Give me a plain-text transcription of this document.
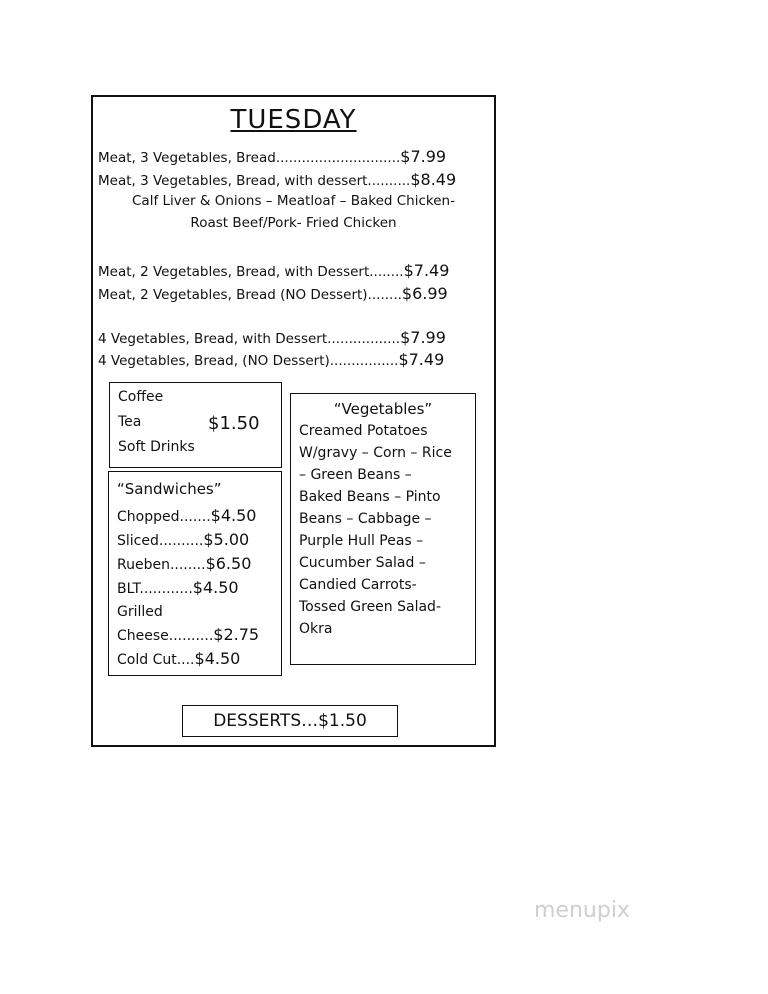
TUESDAY
Meat, 3 Vegetables, Bread.............................$7.99
Meat, 3 Vegetables, Bread, with dessert..........$8.49
Calf Liver & Onions – Meatloaf – Baked Chicken-
Roast Beef/Pork- Fried Chicken
Meat, 2 Vegetables, Bread, with Dessert........$7.49
Meat, 2 Vegetables, Bread (NO Dessert)........$6.99
4 Vegetables, Bread, with Dessert.................$7.99
4 Vegetables, Bread, (NO Dessert)................$7.49
Coffee
Tea
Soft Drinks
$1.50
“Sandwiches”
Chopped.......$4.50
Sliced..........$5.00
Rueben........$6.50
BLT............$4.50
Grilled
Cheese..........$2.75
Cold Cut....$4.50
“Vegetables”
Creamed Potatoes
W/gravy – Corn – Rice
– Green Beans –
Baked Beans – Pinto
Beans – Cabbage –
Purple Hull Peas –
Cucumber Salad –
Candied Carrots-
Tossed Green Salad-
Okra
DESSERTS…$1.50
menupix
